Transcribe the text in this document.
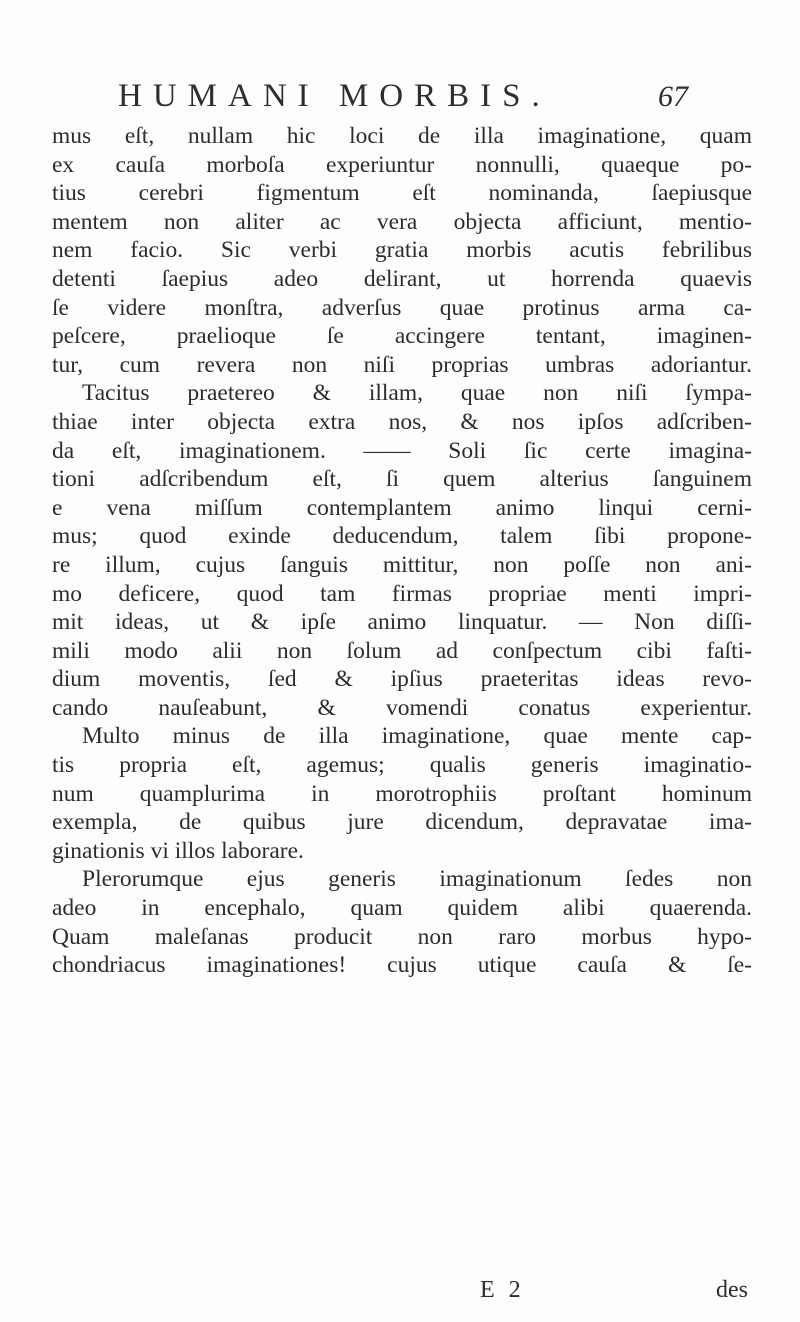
HUMANI MORBIS.	67
mus eſt, nullam hic loci de illa imaginatione, quam
ex cauſa morboſa experiuntur nonnulli, quaeque po-
tius cerebri figmentum eſt nominanda, ſaepiusque
mentem non aliter ac vera objecta afficiunt, mentio-
nem facio. Sic verbi gratia morbis acutis febrilibus
detenti ſaepius adeo delirant, ut horrenda quaevis
ſe videre monſtra, adverſus quae protinus arma ca-
peſcere, praelioque ſe accingere tentant, imaginen-
tur, cum revera non niſi proprias umbras adoriantur.
Tacitus praetereo & illam, quae non niſi ſympa-
thiae inter objecta extra nos, & nos ipſos adſcriben-
da eſt, imaginationem. —— Soli ſic certe imagina-
tioni adſcribendum eſt, ſi quem alterius ſanguinem
e vena miſſum contemplantem animo linqui cerni-
mus; quod exinde deducendum, talem ſibi propone-
re illum, cujus ſanguis mittitur, non poſſe non ani-
mo deficere, quod tam firmas propriae menti impri-
mit ideas, ut & ipſe animo linquatur. — Non diſſi-
mili modo alii non ſolum ad conſpectum cibi faſti-
dium moventis, ſed & ipſius praeteritas ideas revo-
cando nauſeabunt, & vomendi conatus experientur.
Multo minus de illa imaginatione, quae mente cap-
tis propria eſt, agemus; qualis generis imaginatio-
num quamplurima in morotrophiis proſtant hominum
exempla, de quibus jure dicendum, depravatae ima-
ginationis vi illos laborare.
Plerorumque ejus generis imaginationum ſedes non
adeo in encephalo, quam quidem alibi quaerenda.
Quam maleſanas producit non raro morbus hypo-
chondriacus imaginationes! cujus utique cauſa & ſe-
E 2	des
